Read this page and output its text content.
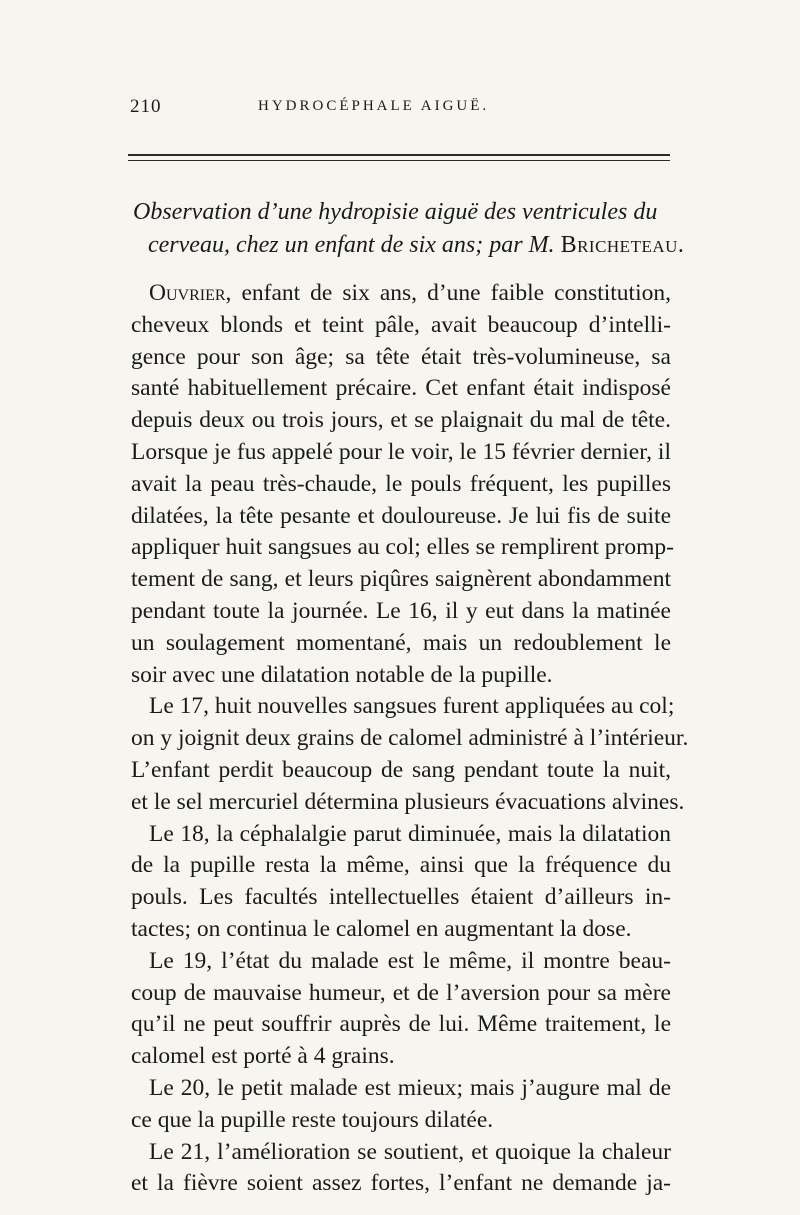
210	HYDROCÉPHALE AIGUË.
Observation d’une hydropisie aiguë des ventricules du
cerveau, chez un enfant de six ans; par M. Bricheteau.
Ouvrier, enfant de six ans, d’une faible constitution,
cheveux blonds et teint pâle, avait beaucoup d’intelli-
gence pour son âge; sa tête était très-volumineuse, sa
santé habituellement précaire. Cet enfant était indisposé
depuis deux ou trois jours, et se plaignait du mal de tête.
Lorsque je fus appelé pour le voir, le 15 février dernier, il
avait la peau très-chaude, le pouls fréquent, les pupilles
dilatées, la tête pesante et douloureuse. Je lui fis de suite
appliquer huit sangsues au col; elles se remplirent promp-
tement de sang, et leurs piqûres saignèrent abondamment
pendant toute la journée. Le 16, il y eut dans la matinée
un soulagement momentané, mais un redoublement le
soir avec une dilatation notable de la pupille.
Le 17, huit nouvelles sangsues furent appliquées au col;
on y joignit deux grains de calomel administré à l’intérieur.
L’enfant perdit beaucoup de sang pendant toute la nuit,
et le sel mercuriel détermina plusieurs évacuations alvines.
Le 18, la céphalalgie parut diminuée, mais la dilatation
de la pupille resta la même, ainsi que la fréquence du
pouls. Les facultés intellectuelles étaient d’ailleurs in-
tactes; on continua le calomel en augmentant la dose.
Le 19, l’état du malade est le même, il montre beau-
coup de mauvaise humeur, et de l’aversion pour sa mère
qu’il ne peut souffrir auprès de lui. Même traitement, le
calomel est porté à 4 grains.
Le 20, le petit malade est mieux; mais j’augure mal de
ce que la pupille reste toujours dilatée.
Le 21, l’amélioration se soutient, et quoique la chaleur
et la fièvre soient assez fortes, l’enfant ne demande ja-
